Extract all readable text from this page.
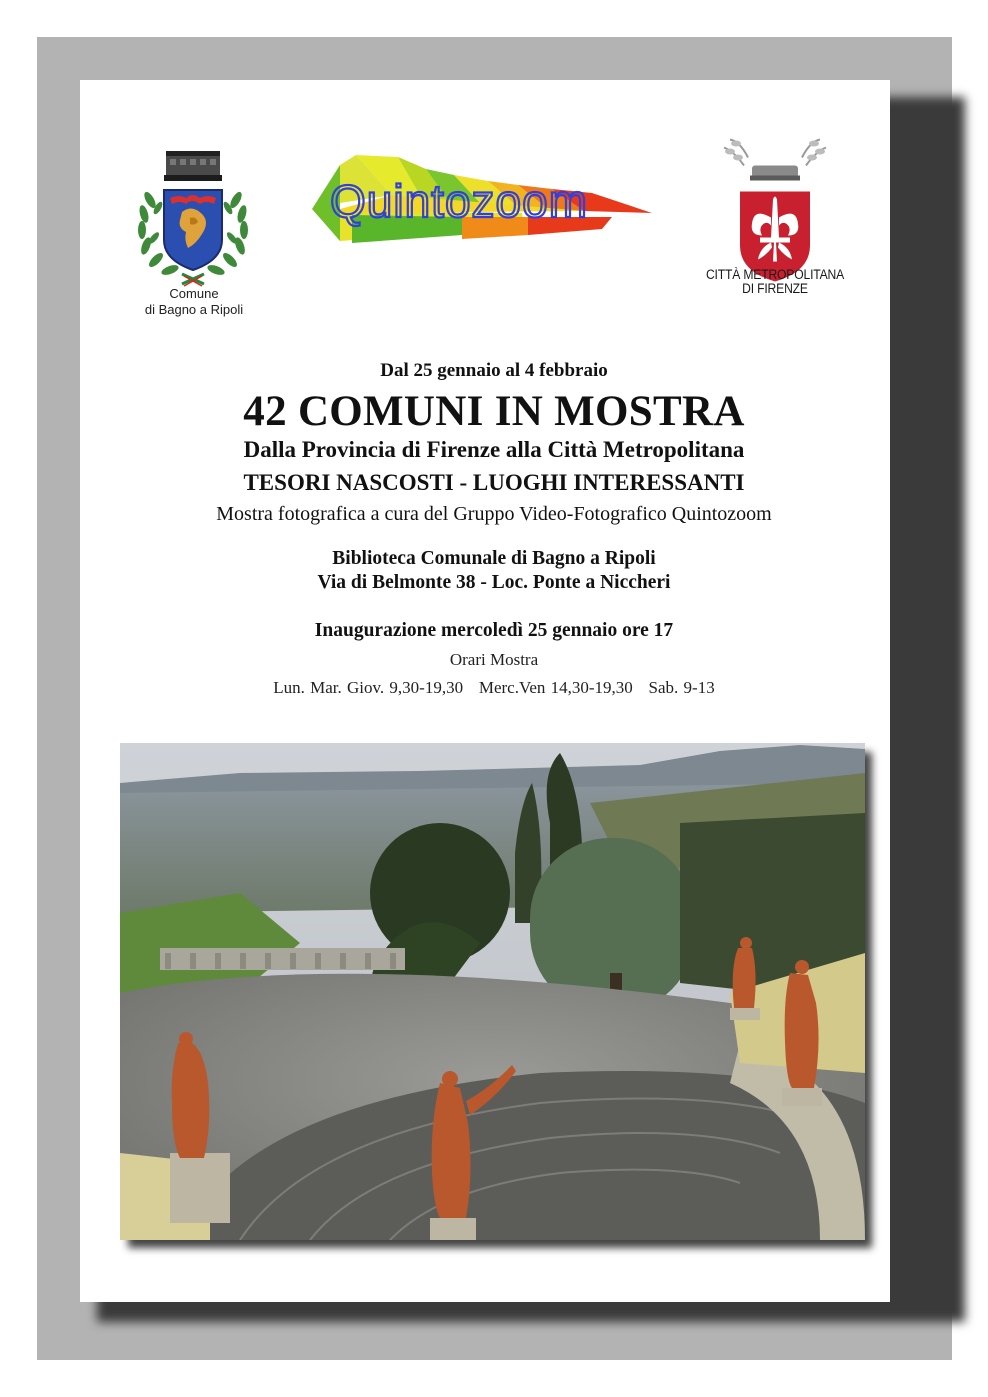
Comune
di Bagno a Ripoli
Quintozoom
CITTÀ METROPOLITANA
DI FIRENZE
Dal 25 gennaio al 4 febbraio
42 COMUNI IN MOSTRA
Dalla Provincia di Firenze alla Città Metropolitana
TESORI NASCOSTI - LUOGHI INTERESSANTI
Mostra fotografica a cura del Gruppo Video-Fotografico Quintozoom
Biblioteca Comunale di Bagno a Ripoli
Via di Belmonte 38 - Loc. Ponte a Niccheri
Inaugurazione mercoledì 25 gennaio ore 17
Orari Mostra
Lun. Mar. Giov. 9,30-19,30   Merc.Ven 14,30-19,30   Sab. 9-13
